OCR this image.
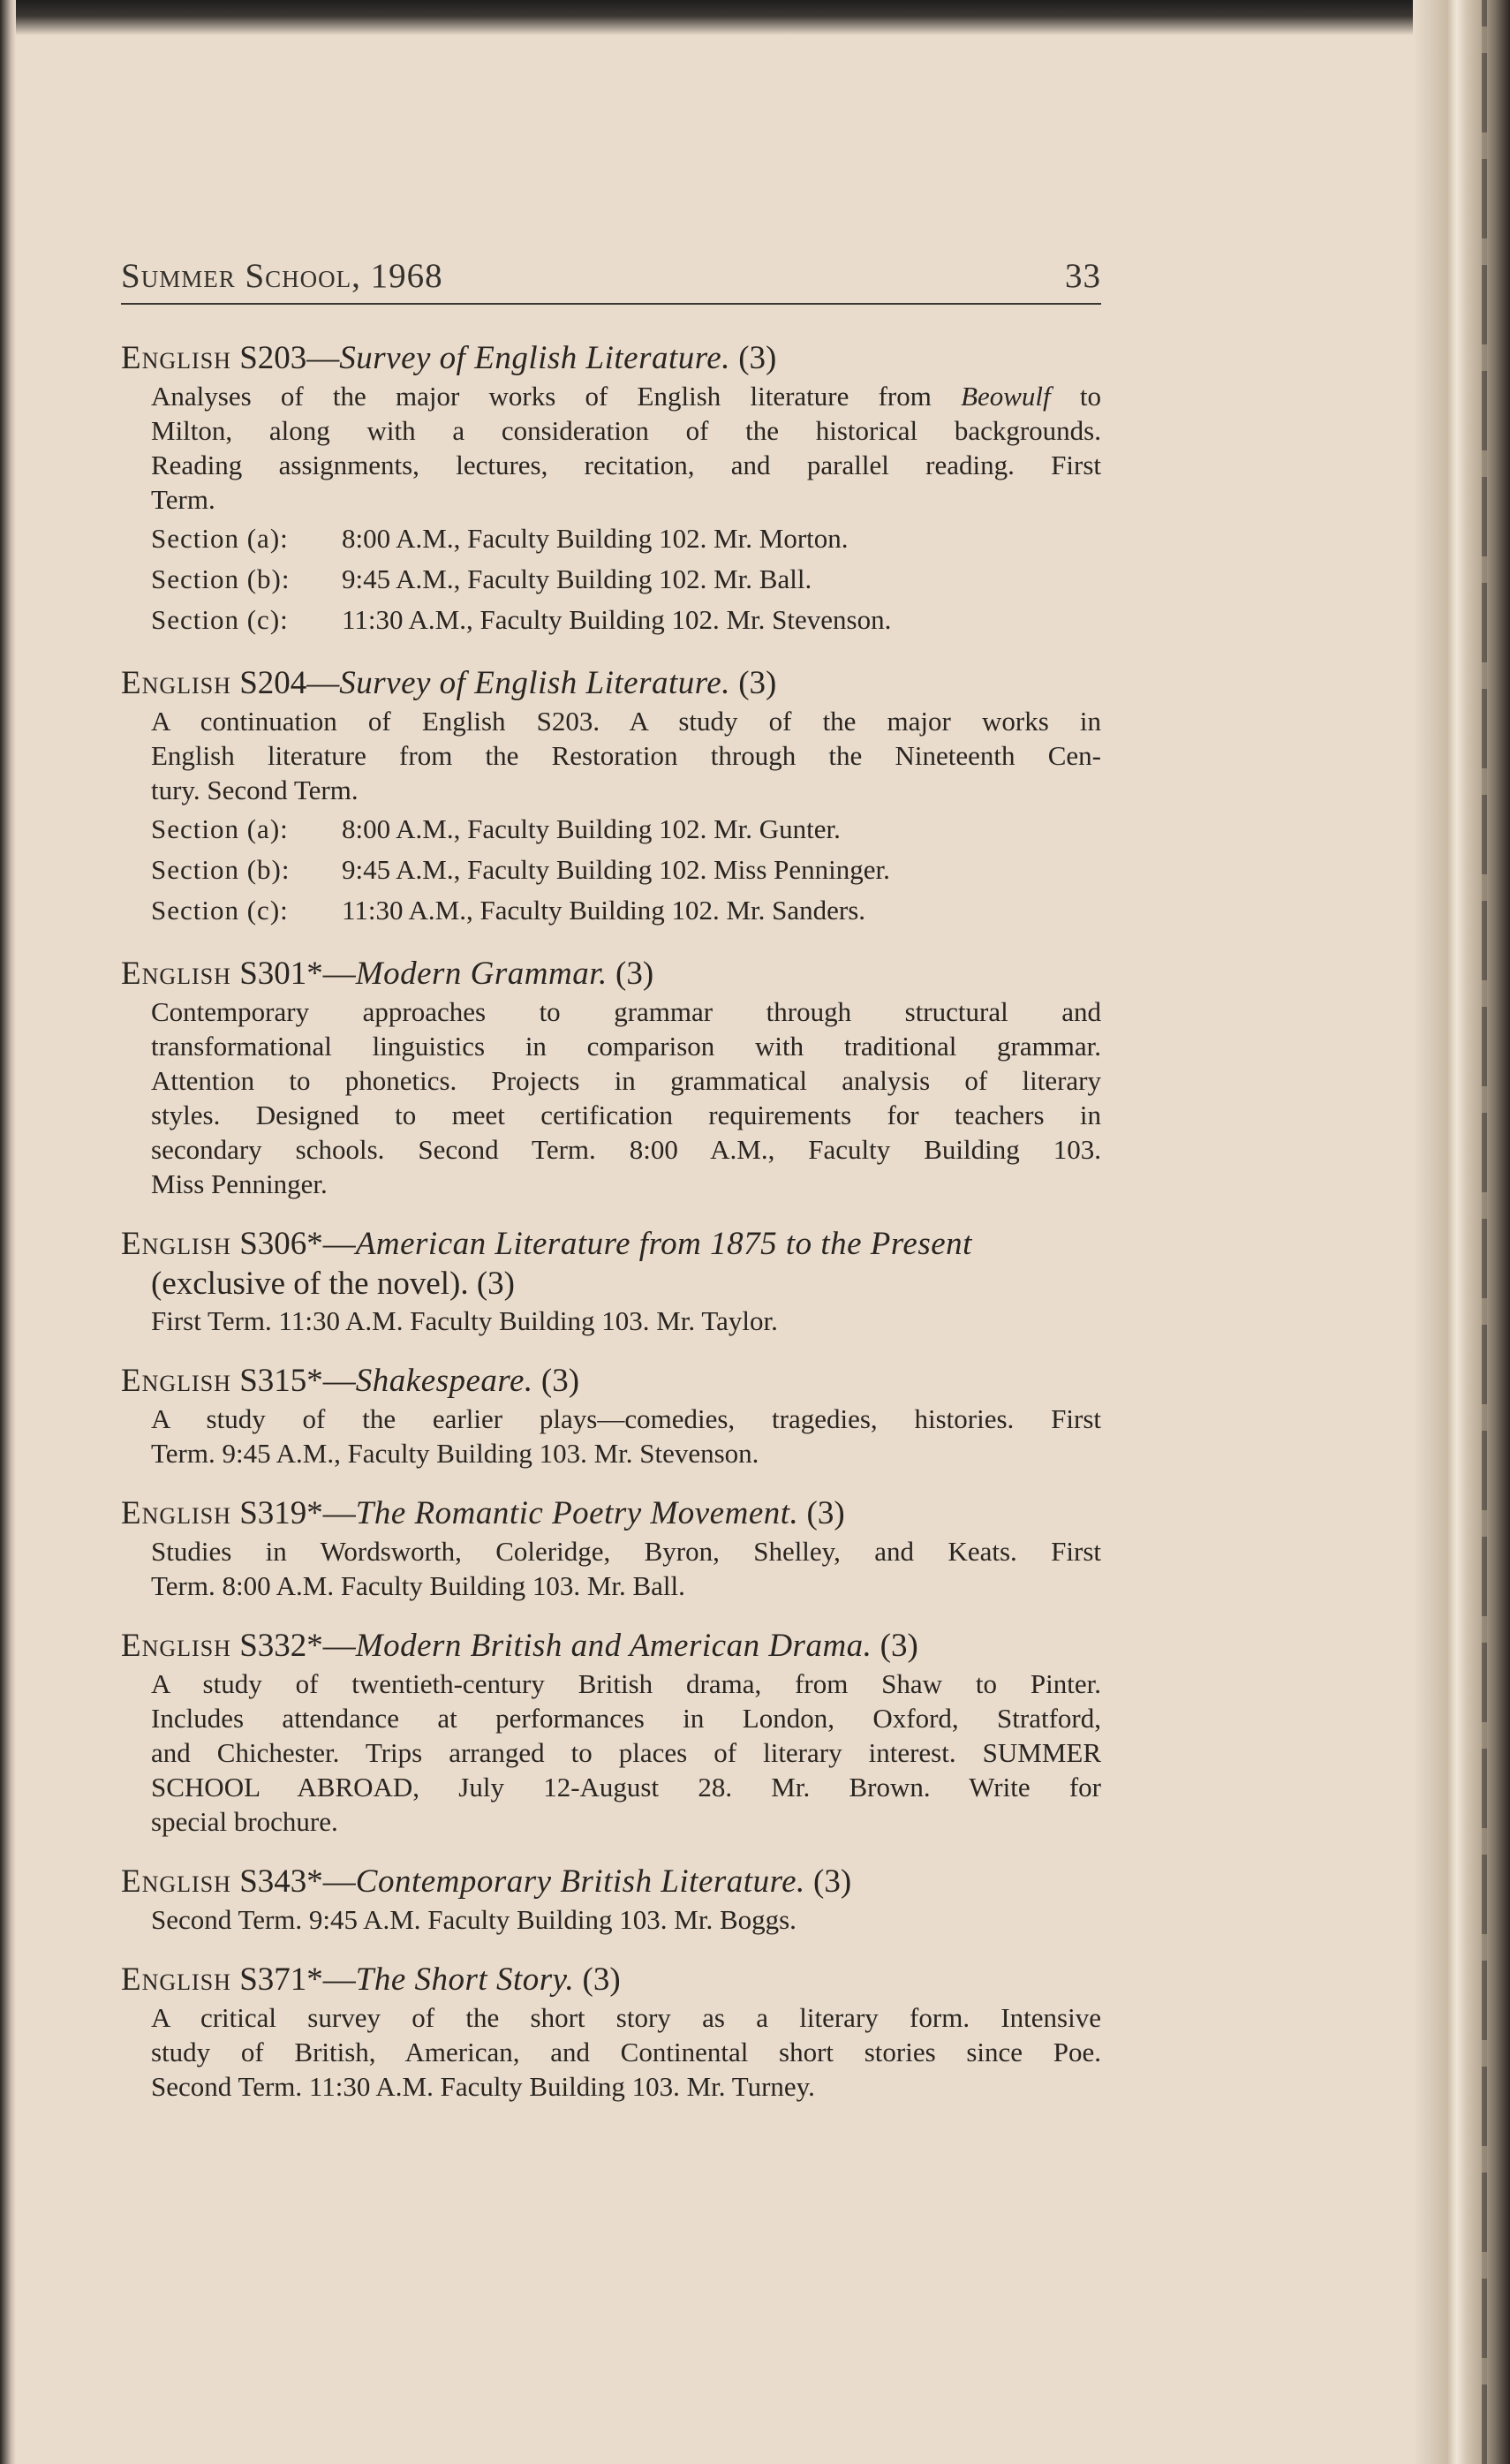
Summer School, 1968	33
English S203—Survey of English Literature. (3)
Analyses of the major works of English literature from Beowulf to
Milton, along with a consideration of the historical backgrounds.
Reading assignments, lectures, recitation, and parallel reading. First
Term.
Section (a):	8:00 A.M., Faculty Building 102. Mr. Morton.
Section (b):	9:45 A.M., Faculty Building 102. Mr. Ball.
Section (c):	11:30 A.M., Faculty Building 102. Mr. Stevenson.
English S204—Survey of English Literature. (3)
A continuation of English S203. A study of the major works in
English literature from the Restoration through the Nineteenth Cen-
tury. Second Term.
Section (a):	8:00 A.M., Faculty Building 102. Mr. Gunter.
Section (b):	9:45 A.M., Faculty Building 102. Miss Penninger.
Section (c):	11:30 A.M., Faculty Building 102. Mr. Sanders.
English S301*—Modern Grammar. (3)
Contemporary approaches to grammar through structural and
transformational linguistics in comparison with traditional grammar.
Attention to phonetics. Projects in grammatical analysis of literary
styles. Designed to meet certification requirements for teachers in
secondary schools. Second Term. 8:00 A.M., Faculty Building 103.
Miss Penninger.
English S306*—American Literature from 1875 to the Present
(exclusive of the novel). (3)
First Term. 11:30 A.M. Faculty Building 103. Mr. Taylor.
English S315*—Shakespeare. (3)
A study of the earlier plays—comedies, tragedies, histories. First
Term. 9:45 A.M., Faculty Building 103. Mr. Stevenson.
English S319*—The Romantic Poetry Movement. (3)
Studies in Wordsworth, Coleridge, Byron, Shelley, and Keats. First
Term. 8:00 A.M. Faculty Building 103. Mr. Ball.
English S332*—Modern British and American Drama. (3)
A study of twentieth-century British drama, from Shaw to Pinter.
Includes attendance at performances in London, Oxford, Stratford,
and Chichester. Trips arranged to places of literary interest. SUMMER
SCHOOL ABROAD, July 12-August 28. Mr. Brown. Write for
special brochure.
English S343*—Contemporary British Literature. (3)
Second Term. 9:45 A.M. Faculty Building 103. Mr. Boggs.
English S371*—The Short Story. (3)
A critical survey of the short story as a literary form. Intensive
study of British, American, and Continental short stories since Poe.
Second Term. 11:30 A.M. Faculty Building 103. Mr. Turney.
